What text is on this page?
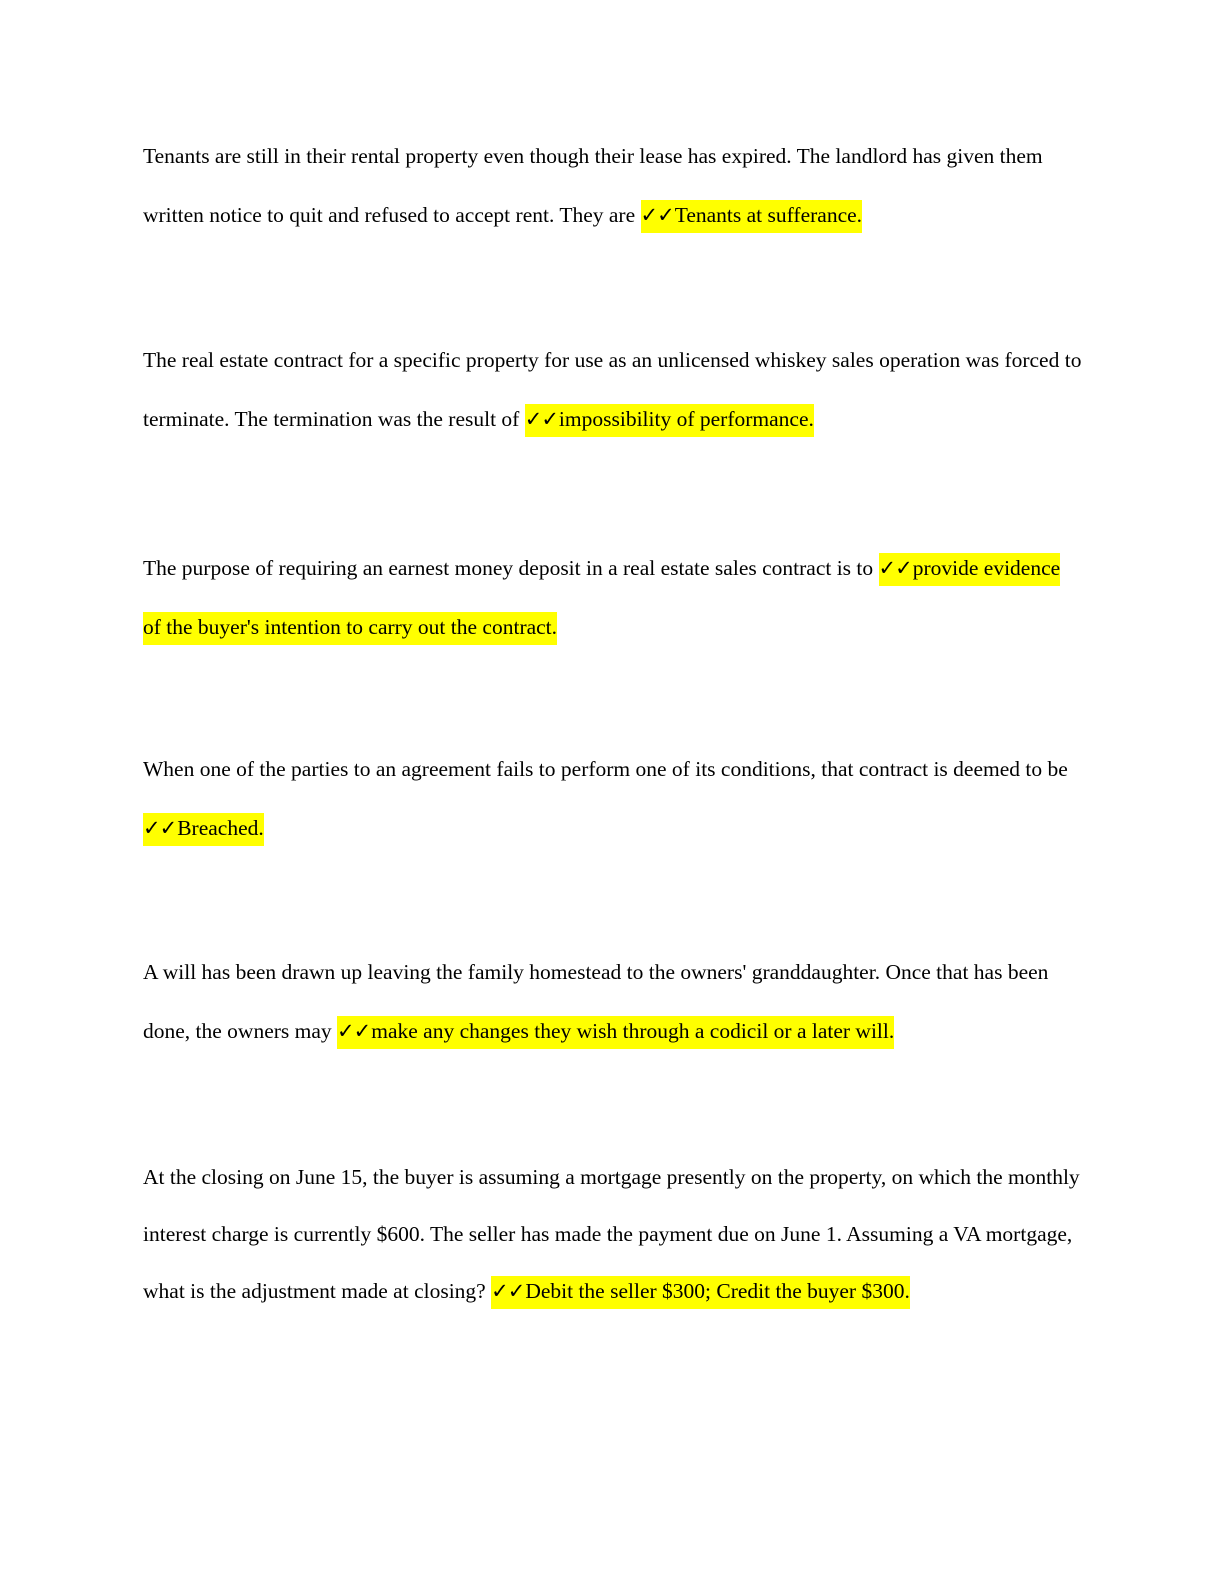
Tenants are still in their rental property even though their lease has expired. The landlord has given them written notice to quit and refused to accept rent. They are ✓✓Tenants at sufferance.

The real estate contract for a specific property for use as an unlicensed whiskey sales operation was forced to terminate. The termination was the result of ✓✓impossibility of performance.

The purpose of requiring an earnest money deposit in a real estate sales contract is to ✓✓provide evidence of the buyer's intention to carry out the contract.

When one of the parties to an agreement fails to perform one of its conditions, that contract is deemed to be ✓✓Breached.

A will has been drawn up leaving the family homestead to the owners' granddaughter. Once that has been done, the owners may ✓✓make any changes they wish through a codicil or a later will.

At the closing on June 15, the buyer is assuming a mortgage presently on the property, on which the monthly interest charge is currently $600. The seller has made the payment due on June 1. Assuming a VA mortgage, what is the adjustment made at closing? ✓✓Debit the seller $300; Credit the buyer $300.
